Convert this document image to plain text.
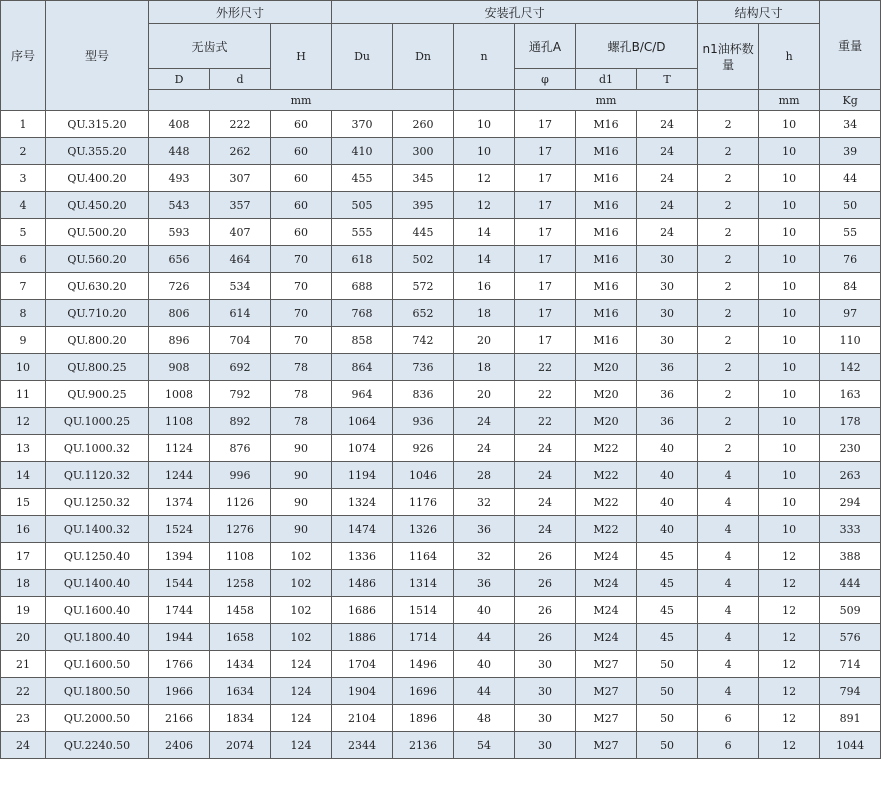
序号	型号	外形尺寸			安装孔尺寸						结构尺寸		重量
		无齿式		H	Du	Dn	n	通孔A	螺孔B/C/D		n1油杯数量	h	
		D	d					φ	d1	T			
		mm						mm				mm	Kg
1	QU.315.20	408	222	60	370	260	10	17	M16	24	2	10	34
2	QU.355.20	448	262	60	410	300	10	17	M16	24	2	10	39
3	QU.400.20	493	307	60	455	345	12	17	M16	24	2	10	44
4	QU.450.20	543	357	60	505	395	12	17	M16	24	2	10	50
5	QU.500.20	593	407	60	555	445	14	17	M16	24	2	10	55
6	QU.560.20	656	464	70	618	502	14	17	M16	30	2	10	76
7	QU.630.20	726	534	70	688	572	16	17	M16	30	2	10	84
8	QU.710.20	806	614	70	768	652	18	17	M16	30	2	10	97
9	QU.800.20	896	704	70	858	742	20	17	M16	30	2	10	110
10	QU.800.25	908	692	78	864	736	18	22	M20	36	2	10	142
11	QU.900.25	1008	792	78	964	836	20	22	M20	36	2	10	163
12	QU.1000.25	1108	892	78	1064	936	24	22	M20	36	2	10	178
13	QU.1000.32	1124	876	90	1074	926	24	24	M22	40	2	10	230
14	QU.1120.32	1244	996	90	1194	1046	28	24	M22	40	4	10	263
15	QU.1250.32	1374	1126	90	1324	1176	32	24	M22	40	4	10	294
16	QU.1400.32	1524	1276	90	1474	1326	36	24	M22	40	4	10	333
17	QU.1250.40	1394	1108	102	1336	1164	32	26	M24	45	4	12	388
18	QU.1400.40	1544	1258	102	1486	1314	36	26	M24	45	4	12	444
19	QU.1600.40	1744	1458	102	1686	1514	40	26	M24	45	4	12	509
20	QU.1800.40	1944	1658	102	1886	1714	44	26	M24	45	4	12	576
21	QU.1600.50	1766	1434	124	1704	1496	40	30	M27	50	4	12	714
22	QU.1800.50	1966	1634	124	1904	1696	44	30	M27	50	4	12	794
23	QU.2000.50	2166	1834	124	2104	1896	48	30	M27	50	6	12	891
24	QU.2240.50	2406	2074	124	2344	2136	54	30	M27	50	6	12	1044
